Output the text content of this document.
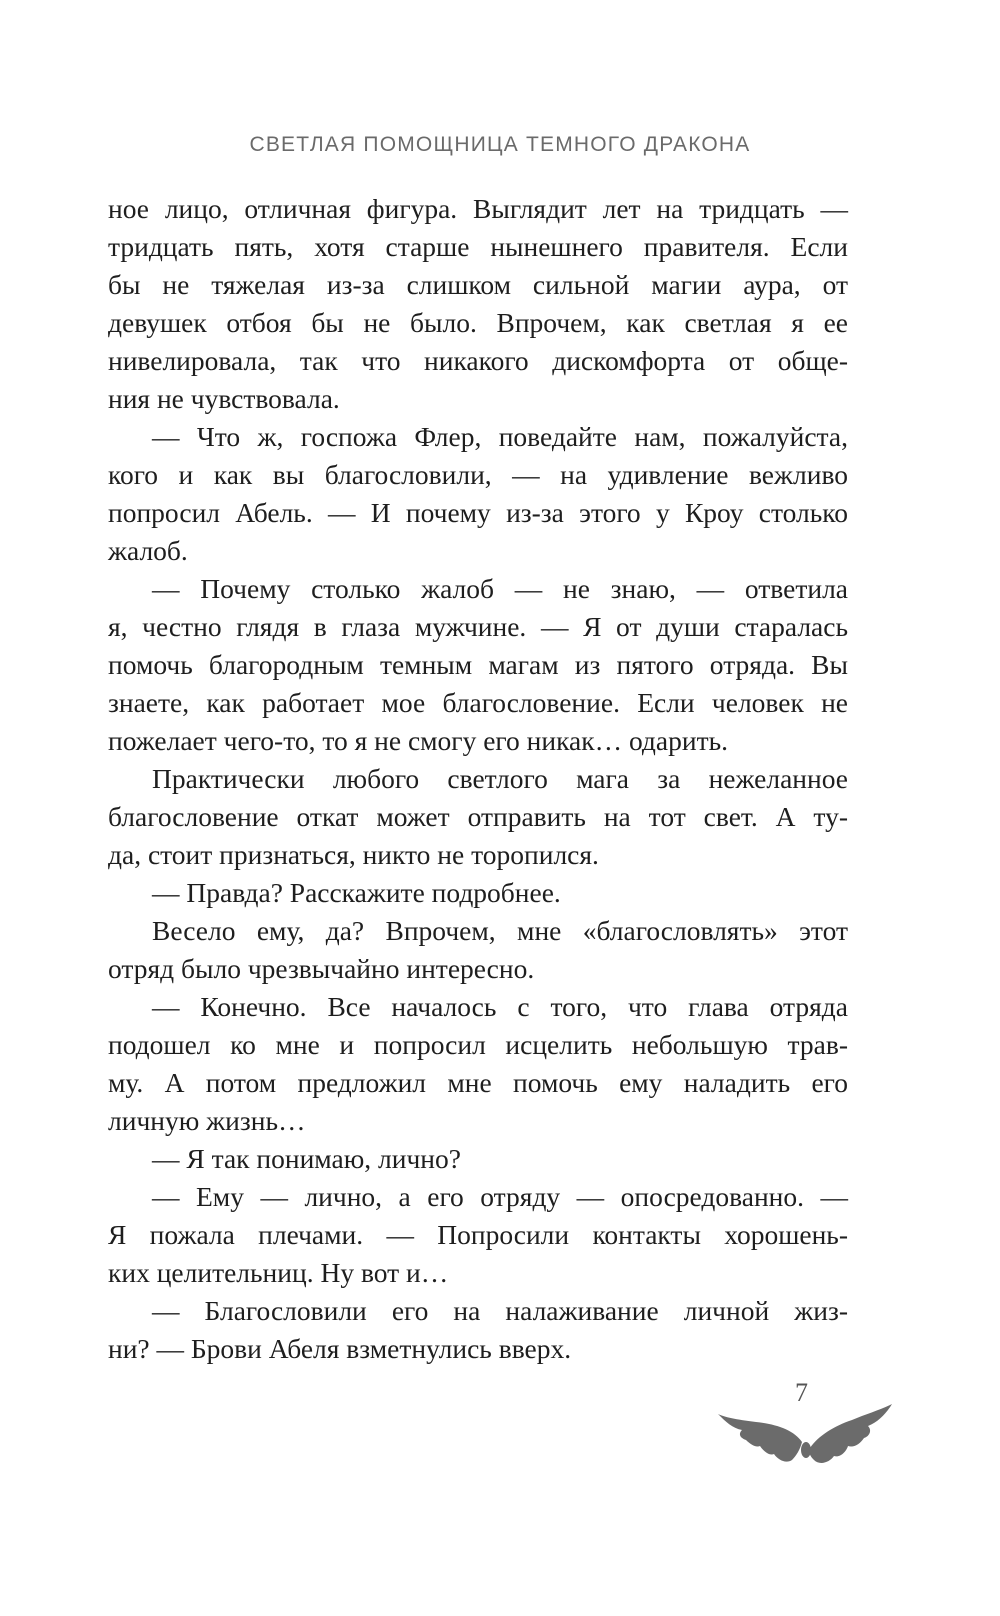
СВЕТЛАЯ ПОМОЩНИЦА ТЕМНОГО ДРАКОНА
ное лицо, отличная фигура. Выглядит лет на тридцать —
тридцать пять, хотя старше нынешнего правителя. Если
бы не тяжелая из-за слишком сильной магии аура, от
девушек отбоя бы не было. Впрочем, как светлая я ее
нивелировала, так что никакого дискомфорта от обще-
ния не чувствовала.
— Что ж, госпожа Флер, поведайте нам, пожалуйста,
кого и как вы благословили, — на удивление вежливо
попросил Абель. — И почему из-за этого у Кроу столько
жалоб.
— Почему столько жалоб — не знаю, — ответила
я, честно глядя в глаза мужчине. — Я от души старалась
помочь благородным темным магам из пятого отряда. Вы
знаете, как работает мое благословение. Если человек не
пожелает чего-то, то я не смогу его никак… одарить.
Практически любого светлого мага за нежеланное
благословение откат может отправить на тот свет. А ту-
да, стоит признаться, никто не торопился.
— Правда? Расскажите подробнее.
Весело ему, да? Впрочем, мне «благословлять» этот
отряд было чрезвычайно интересно.
— Конечно. Все началось с того, что глава отряда
подошел ко мне и попросил исцелить небольшую трав-
му. А потом предложил мне помочь ему наладить его
личную жизнь…
— Я так понимаю, лично?
— Ему — лично, а его отряду — опосредованно. —
Я пожала плечами. — Попросили контакты хорошень-
ких целительниц. Ну вот и…
— Благословили его на налаживание личной жиз-
ни? — Брови Абеля взметнулись вверх.
7
